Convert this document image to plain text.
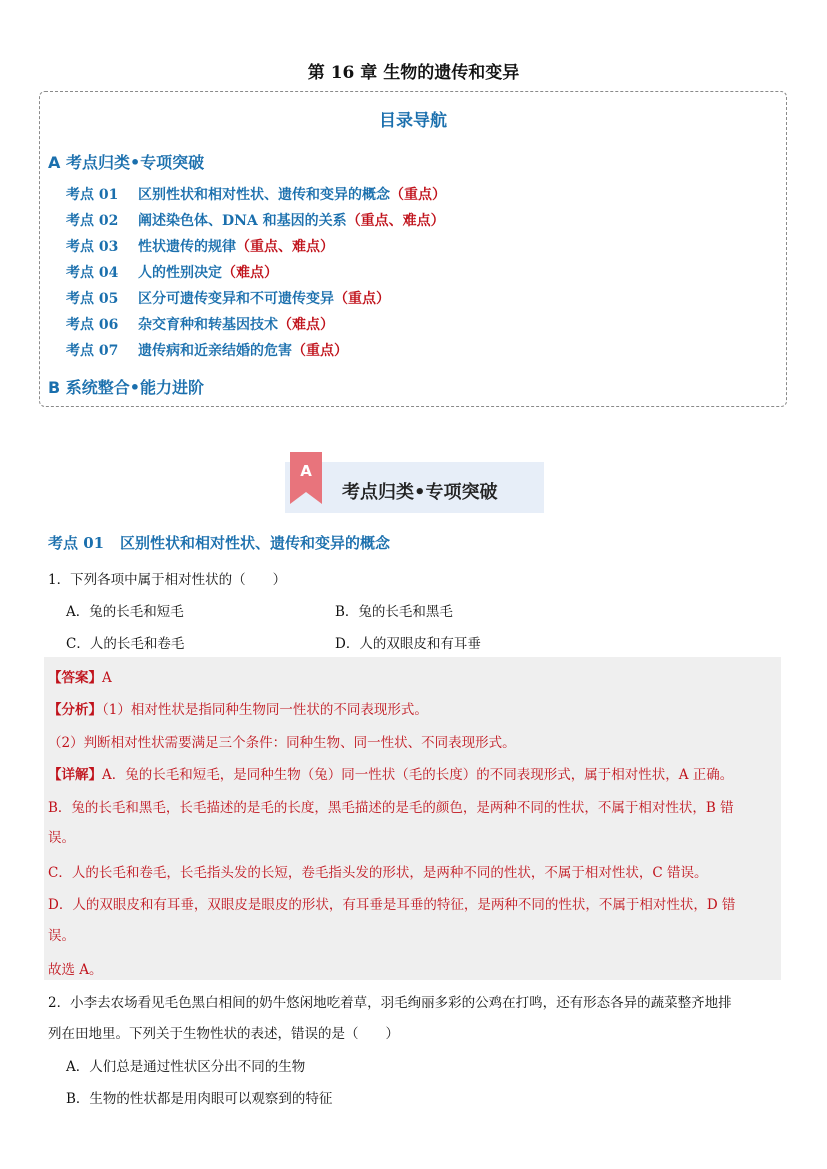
第 16 章 生物的遗传和变异
目录导航
A 考点归类•专项突破
考点 01 区别性状和相对性状、遗传和变异的概念（重点）
考点 02 阐述染色体、DNA 和基因的关系（重点、难点）
考点 03 性状遗传的规律（重点、难点）
考点 04 人的性别决定（难点）
考点 05 区分可遗传变异和不可遗传变异（重点）
考点 06 杂交育种和转基因技术（难点）
考点 07 遗传病和近亲结婚的危害（重点）
B 系统整合•能力进阶
A
考点归类•专项突破
考点 01 区别性状和相对性状、遗传和变异的概念
1．下列各项中属于相对性状的（　　）
A．兔的长毛和短毛	B．兔的长毛和黑毛
C．人的长毛和卷毛	D．人的双眼皮和有耳垂
【答案】A
【分析】（1）相对性状是指同种生物同一性状的不同表现形式。
（2）判断相对性状需要满足三个条件：同种生物、同一性状、不同表现形式。
【详解】A．兔的长毛和短毛，是同种生物（兔）同一性状（毛的长度）的不同表现形式，属于相对性状，A 正确。
B．兔的长毛和黑毛，长毛描述的是毛的长度，黑毛描述的是毛的颜色，是两种不同的性状，不属于相对性状，B 错
误。
C．人的长毛和卷毛，长毛指头发的长短，卷毛指头发的形状，是两种不同的性状，不属于相对性状，C 错误。
D．人的双眼皮和有耳垂，双眼皮是眼皮的形状，有耳垂是耳垂的特征，是两种不同的性状，不属于相对性状，D 错
误。
故选 A。
2．小李去农场看见毛色黑白相间的奶牛悠闲地吃着草，羽毛绚丽多彩的公鸡在打鸣，还有形态各异的蔬菜整齐地排
列在田地里。下列关于生物性状的表述，错误的是（　　）
A．人们总是通过性状区分出不同的生物
B．生物的性状都是用肉眼可以观察到的特征
